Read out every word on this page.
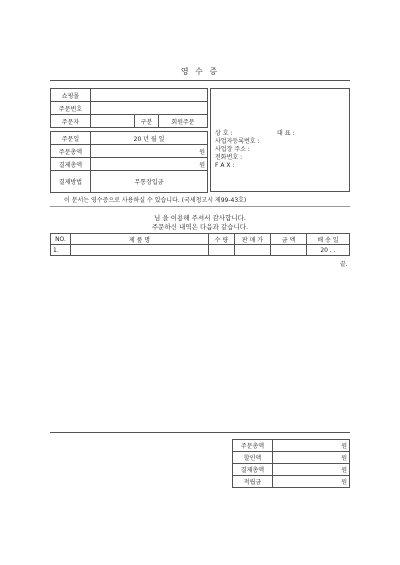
영 수 증
쇼핑몰			
주문번호			
주문자		구분	회원주문
주문일	20 년 월 일
주문총액	원
결제총액	원
결제방법	무통장입금
상 호 :	대 표 :
사업자등록번호 :
사업장 주소 :
전화번호 :
F A X :
이 문서는 영수증으로 사용하실 수 있습니다. (국세청고시 제99-43호)
님 을 이용해 주셔서 감사합니다.
주문하신 내역은 다음과 같습니다.
NO.	제 품 명	수 량	판 매 가	금 액	배 송 일
1.					20 . .
끝.
주문총액	원
할인액	원
결제총액	원
적립금	원
